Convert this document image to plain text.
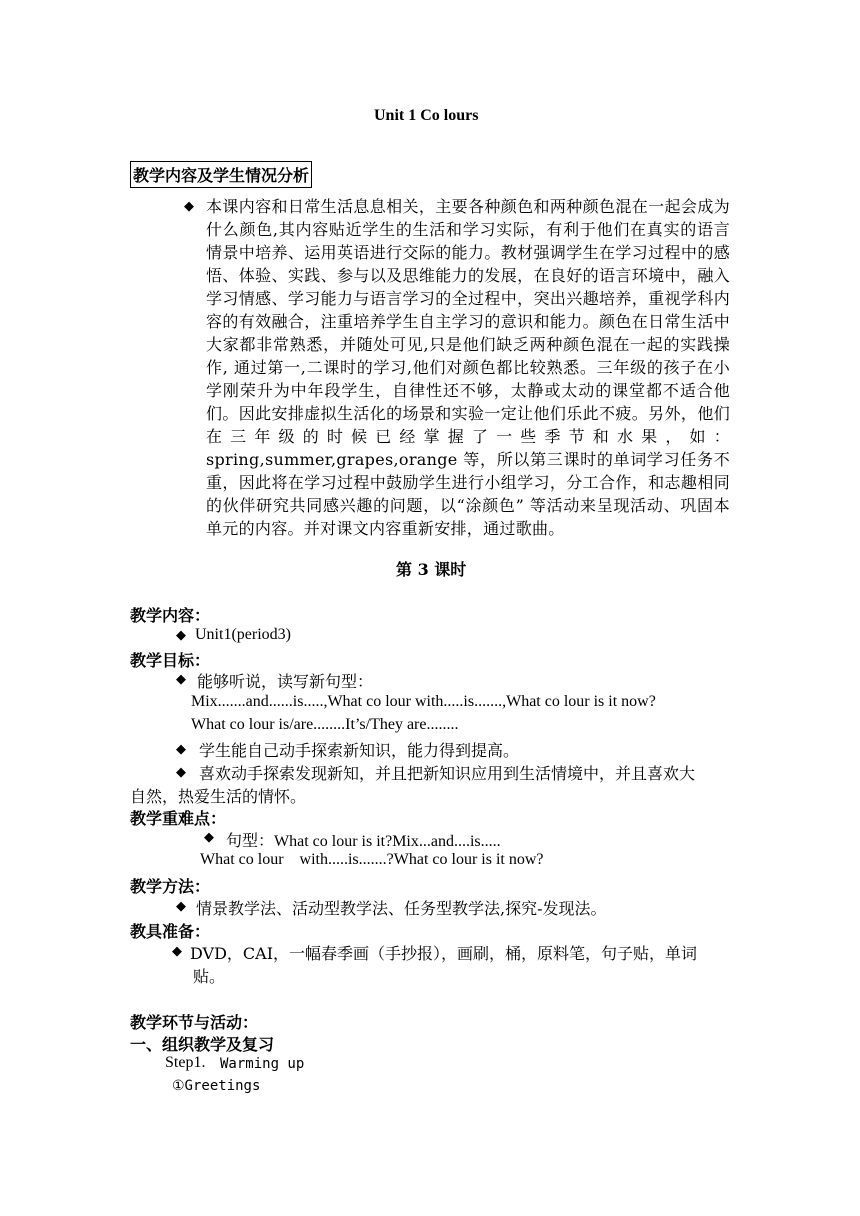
Unit 1 Co lours
教学内容及学生情况分析
◆ 本课内容和日常生活息息相关，主要各种颜色和两种颜色混在一起会成为什么颜色,其内容贴近学生的生活和学习实际，有利于他们在真实的语言情景中培养、运用英语进行交际的能力。教材强调学生在学习过程中的感悟、体验、实践、参与以及思维能力的发展，在良好的语言环境中，融入学习情感、学习能力与语言学习的全过程中，突出兴趣培养，重视学科内容的有效融合，注重培养学生自主学习的意识和能力。颜色在日常生活中大家都非常熟悉，并随处可见,只是他们缺乏两种颜色混在一起的实践操作, 通过第一,二课时的学习,他们对颜色都比较熟悉。三年级的孩子在小学刚荣升为中年段学生，自律性还不够，太静或太动的课堂都不适合他们。因此安排虚拟生活化的场景和实验一定让他们乐此不疲。另外，他们在三年级的时候已经掌握了一些季节和水果，如：spring,summer,grapes,orange 等，所以第三课时的单词学习任务不重，因此将在学习过程中鼓励学生进行小组学习，分工合作，和志趣相同的伙伴研究共同感兴趣的问题，以“涂颜色” 等活动来呈现活动、巩固本单元的内容。并对课文内容重新安排，通过歌曲。
第 3 课时
教学内容：
◆ Unit1(period3)
教学目标：
◆ 能够听说，读写新句型：
Mix.......and......is.....,What co lour with.....is.......,What co lour is it now?
What co lour is/are........It’s/They are........
◆ 学生能自己动手探索新知识，能力得到提高。
◆ 喜欢动手探索发现新知，并且把新知识应用到生活情境中，并且喜欢大
自然，热爱生活的情怀。
教学重难点：
◆ 句型：What co lour is it?Mix...and....is.....
What co lour    with.....is.......?What co lour is it now?
教学方法：
◆ 情景教学法、活动型教学法、任务型教学法,探究-发现法。
教具准备：
◆ DVD，CAI，一幅春季画（手抄报），画刷，桶，原料笔，句子贴，单词
贴。
教学环节与活动：
一、组织教学及复习
Step1. Warming up
①Greetings
